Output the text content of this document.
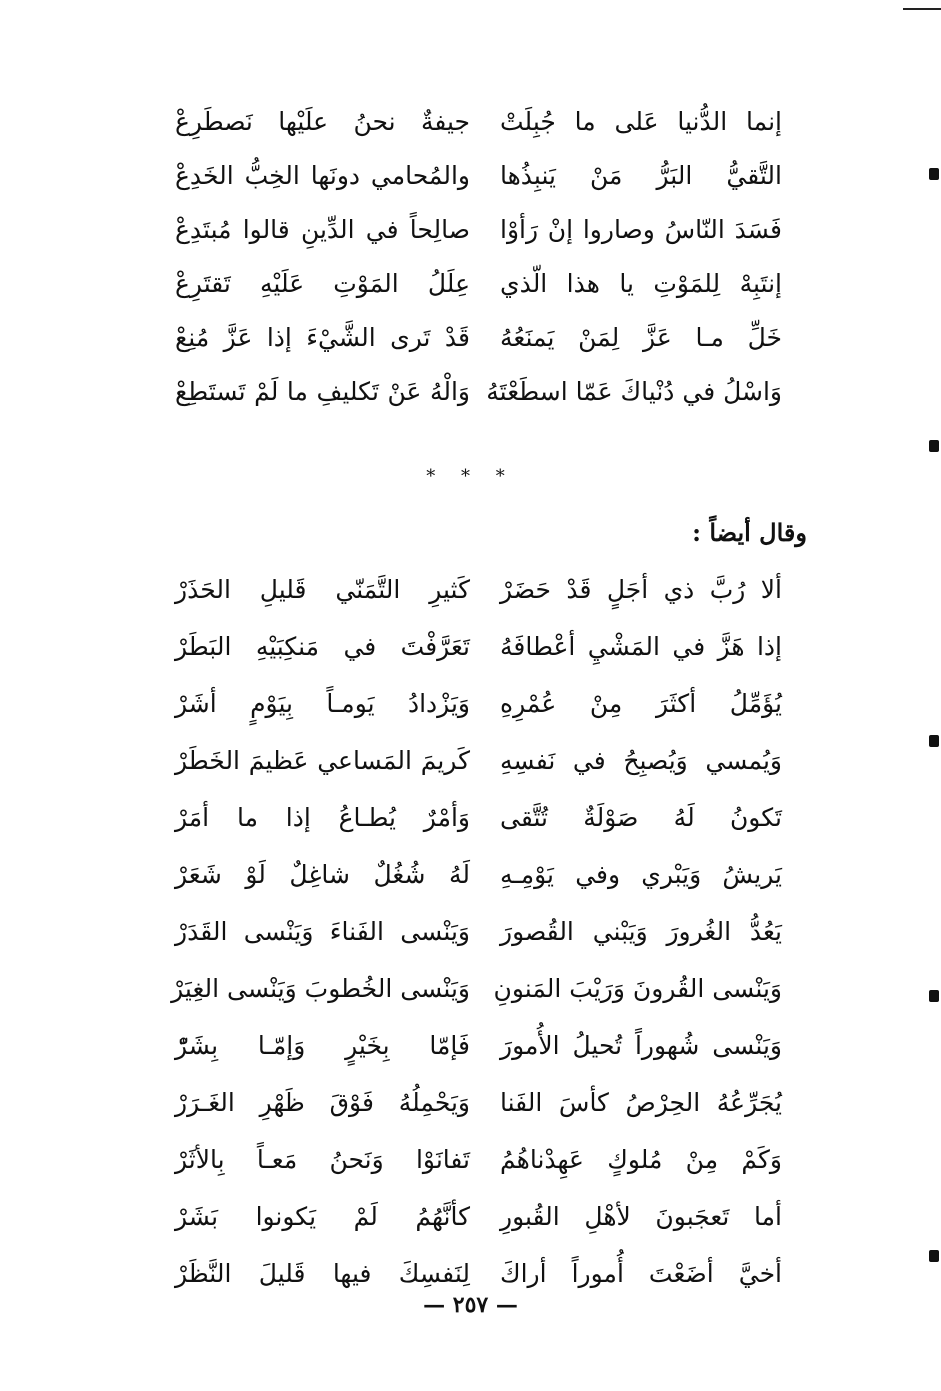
إنما الدُّنيا عَلى ما جُبِلَتْ
جيفةٌ نحنُ علَيْها نَصطَرِعْ
التَّقيُّ البَرُّ مَنْ يَنبِذُها
والمُحامي دونَها الخِبُّ الخَدِعْ
فَسَدَ النّاسُ وصاروا إنْ رَأوْا
صالِحاً في الدِّينِ قالوا مُبتَدِعْ
إنتَبِهْ لِلمَوْتِ يا هذا الّذي
عِلَلُ المَوْتِ عَلَيْهِ تَقتَرِعْ
خَلِّ مـا عَزَّ لِمَنْ يَمنَعُهُ
قَدْ تَرى الشَّيْءَ إذا عَزَّ مُنِعْ
وَاسْلُ في دُنْياكَ عَمّا اسطَعْتَهُ
وَالْهُ عَنْ تَكليفِ ما لَمْ تَستَطِعْ
* * *
وقال أيضاً :
ألا رُبَّ ذي أجَلٍ قَدْ حَضَرْ
كَثيرِ التَّمَنّي قَليلِ الحَذَرْ
إذا هَزَّ في المَشْيِ أعْطافَهُ
تَعَرَّفْتَ في مَنكِبَيْهِ البَطَرْ
يُؤَمِّلُ أكثَرَ مِنْ عُمْرِهِ
وَيَزْدادُ يَومـاً بِيَوْمٍ أشَرْ
وَيُمسي وَيُصبِحُ في نَفسِهِ
كَريمَ المَساعي عَظيمَ الخَطَرْ
تَكونُ لَهُ صَوْلَةٌ تُتَّقى
وَأمْرٌ يُطـاعُ إذا ما أمَرْ
يَريشُ وَيَبْري وفي يَوْمِـهِ
لَهُ شُغُلٌ شاغِلٌ لَوْ شَعَرْ
يَعُدُّ الغُرورَ وَيَبْني القُصورَ
وَيَنْسى الفَناءَ وَيَنْسى القَدَرْ
وَيَنْسى القُرونَ وَرَيْبَ المَنونِ
وَيَنْسى الخُطوبَ وَيَنْسى الغِيَرْ
وَيَنْسى شُهوراً تُحيلُ الأُمورَ
فَإمّا بِخَيْرٍ وَإمّـا بِشَرّْ
يُجَرِّعُهُ الحِرْصُ كأسَ الفَنا
وَيَحْمِلُهُ فَوْقَ ظَهْرِ الغَـرَرْ
وَكَمْ مِنْ مُلوكٍ عَهِدْناهُمُ
تَفانَوْا وَنَحنُ مَعـاً بِالأثَرْ
أما تَعجَبونَ لأهْلِ القُبورِ
كأنَّهُمُ لَمْ يَكونوا بَشَرْ
أخيَّ أضَعْتَ أُموراً أراكَ
لِنَفسِكَ فيها قَليلَ النَّظَرْ
— ٢٥٧ —
